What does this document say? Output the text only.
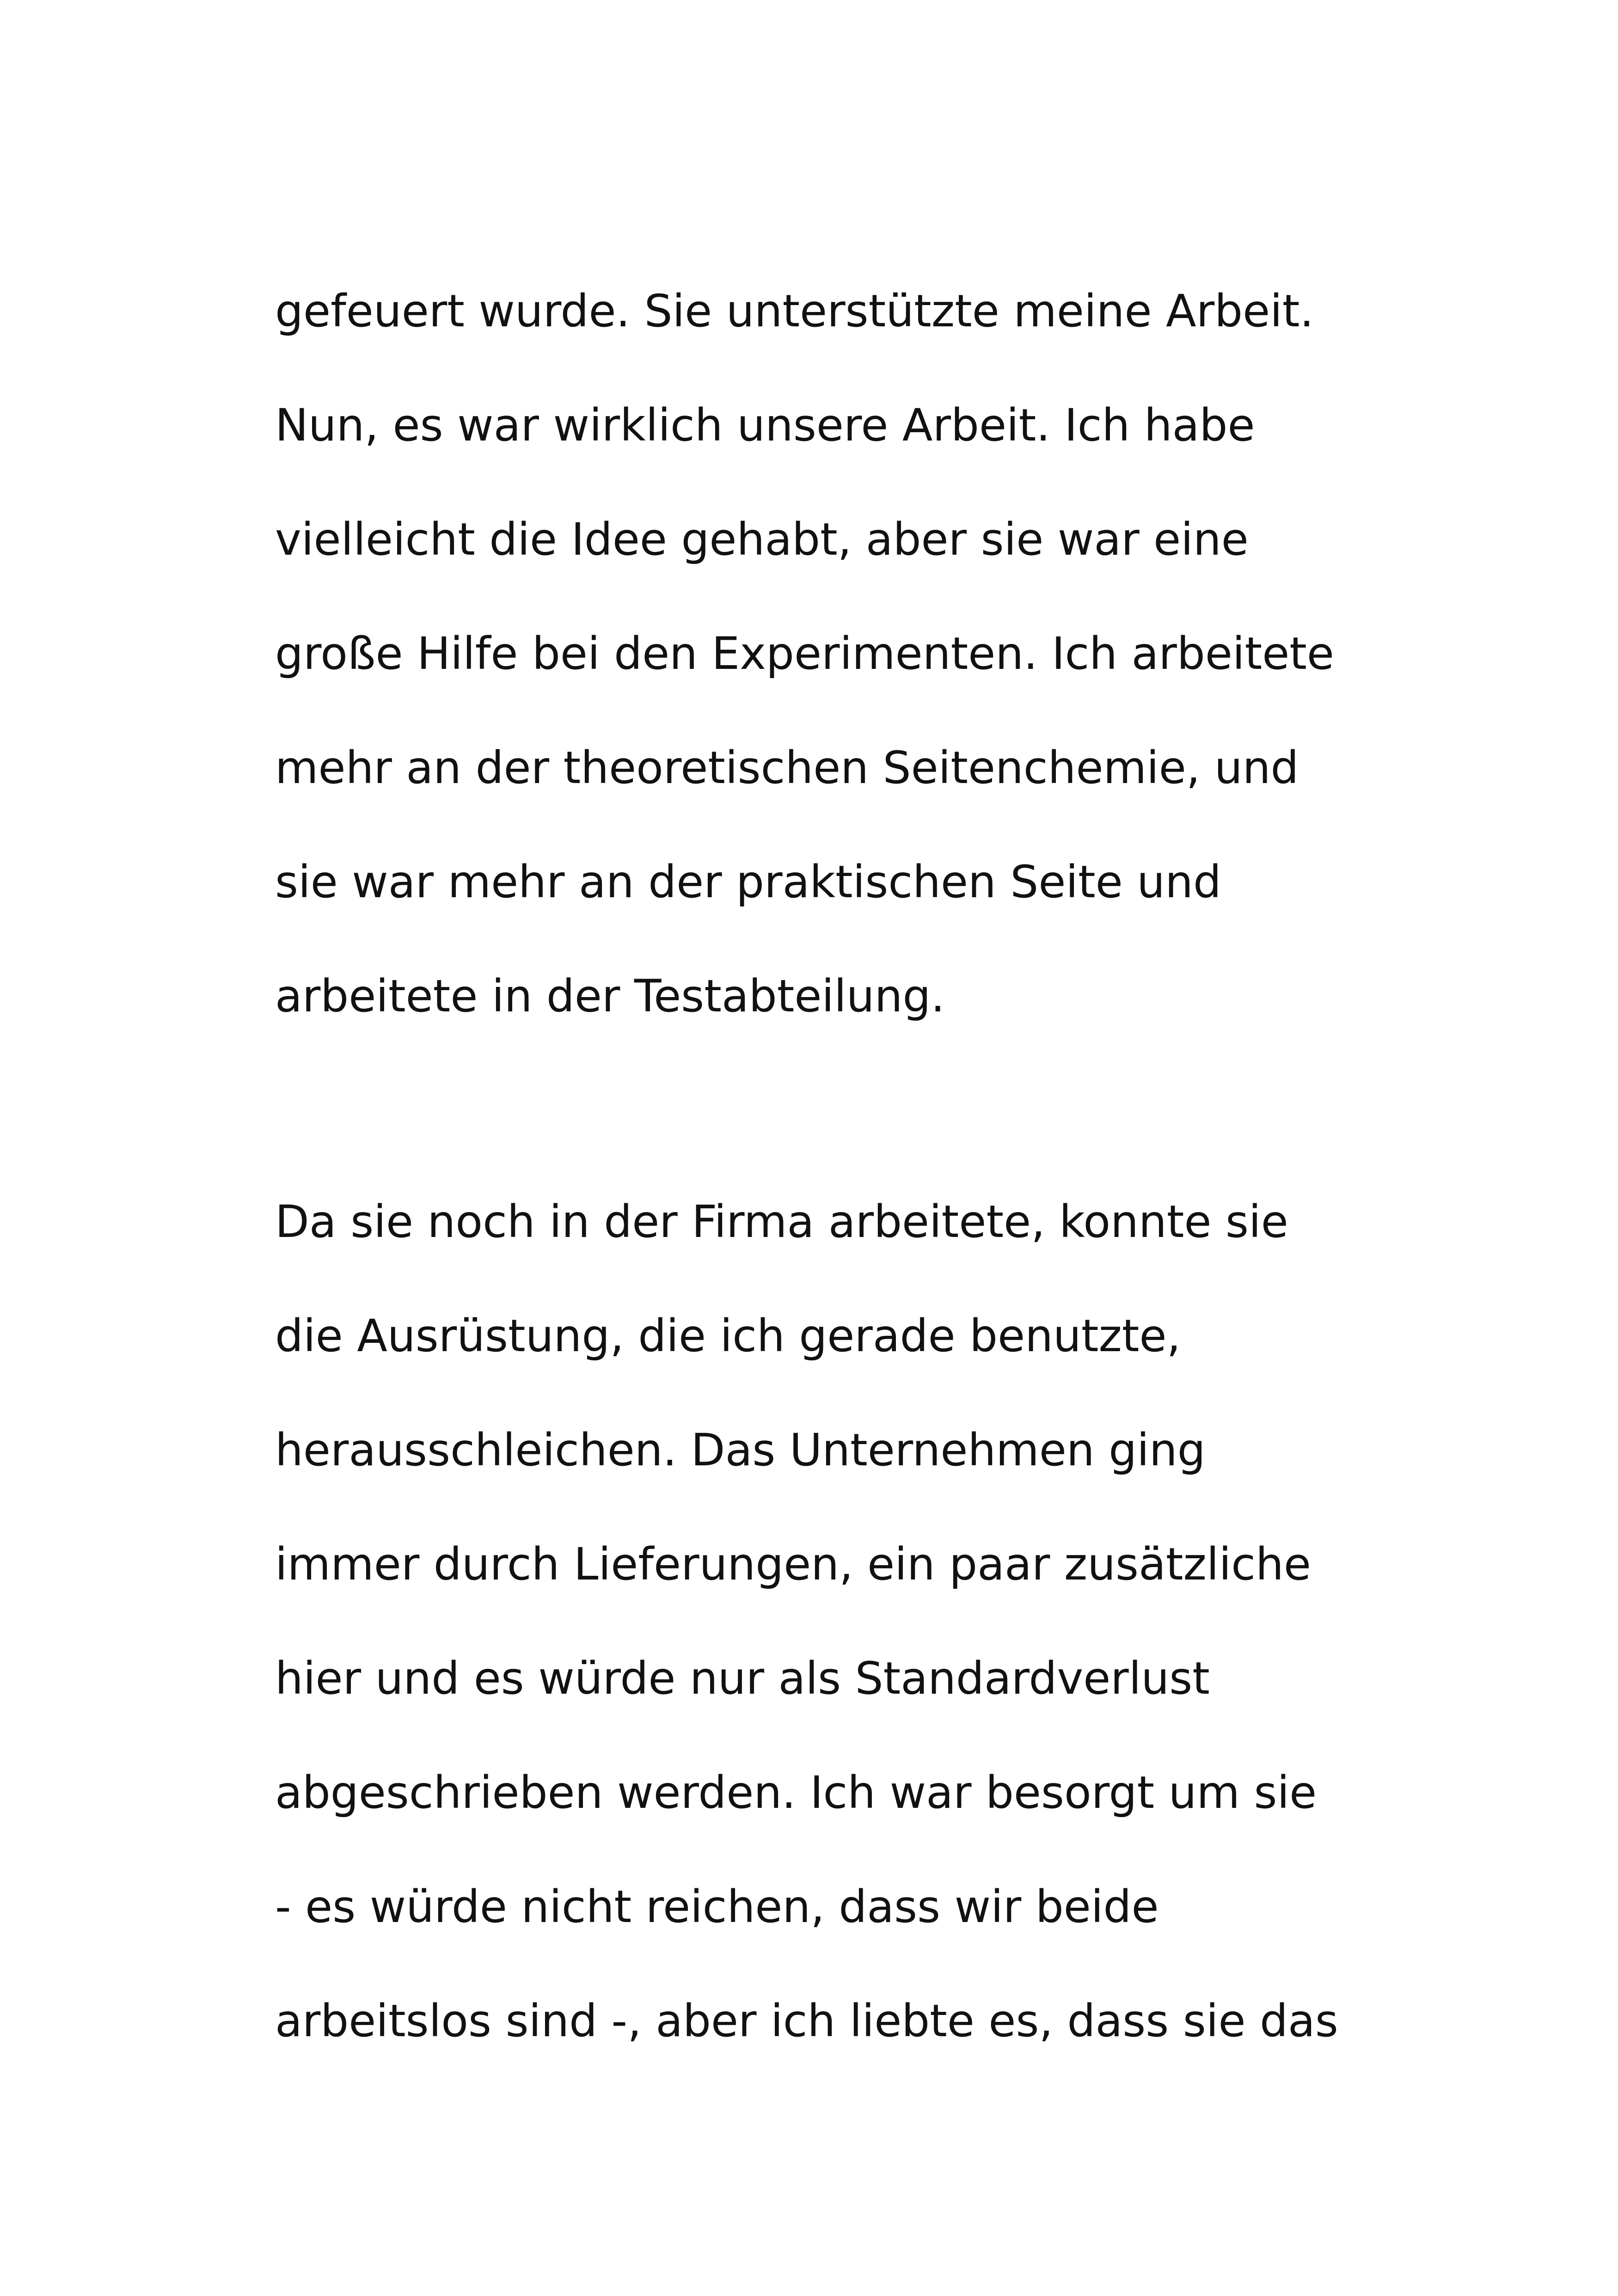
gefeuert wurde. Sie unterstützte meine Arbeit.
Nun, es war wirklich unsere Arbeit. Ich habe
vielleicht die Idee gehabt, aber sie war eine
große Hilfe bei den Experimenten. Ich arbeitete
mehr an der theoretischen Seitenchemie, und
sie war mehr an der praktischen Seite und
arbeitete in der Testabteilung.
Da sie noch in der Firma arbeitete, konnte sie
die Ausrüstung, die ich gerade benutzte,
herausschleichen. Das Unternehmen ging
immer durch Lieferungen, ein paar zusätzliche
hier und es würde nur als Standardverlust
abgeschrieben werden. Ich war besorgt um sie
- es würde nicht reichen, dass wir beide
arbeitslos sind -, aber ich liebte es, dass sie das
